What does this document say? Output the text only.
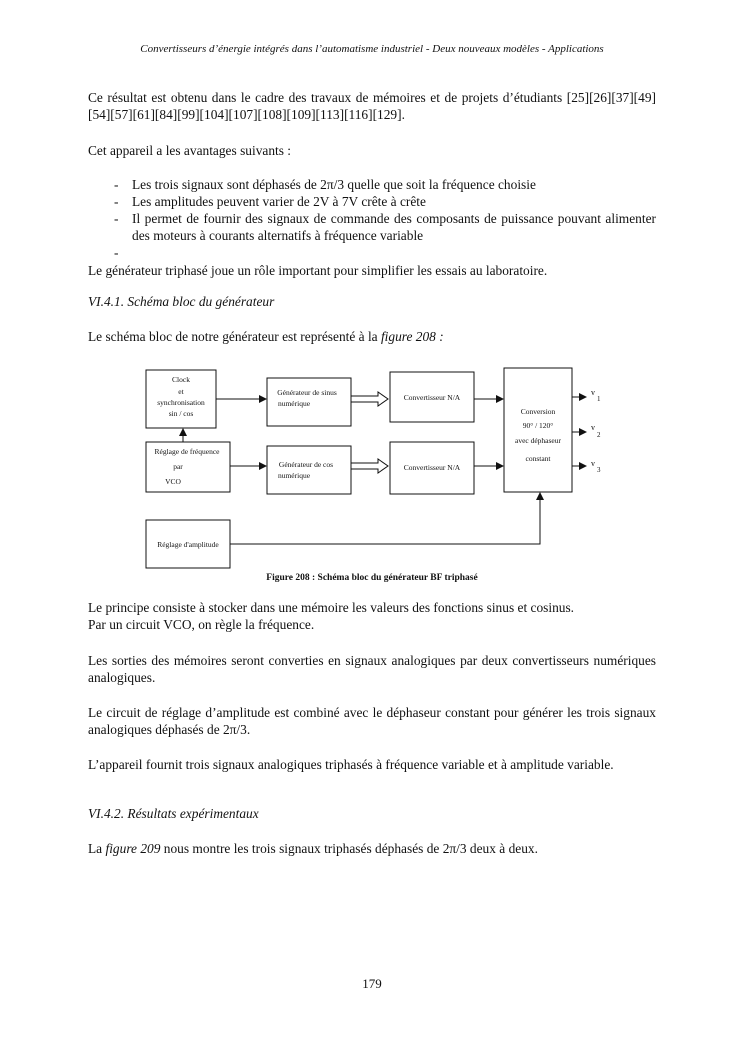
Convertisseurs d’énergie intégrés dans l’automatisme industriel - Deux nouveaux modèles - Applications

Ce résultat est obtenu dans le cadre des travaux de mémoires et de projets d’étudiants [25][26][37][49][54][57][61][84][99][104][107][108][109][113][116][129].

Cet appareil a les avantages suivants :

- Les trois signaux sont déphasés de 2π/3 quelle que soit la fréquence choisie
- Les amplitudes peuvent varier de 2V à 7V crête à crête
- Il permet de fournir des signaux de commande des composants de puissance pouvant alimenter des moteurs à courants alternatifs à fréquence variable
-

Le générateur triphasé joue un rôle important pour simplifier les essais au laboratoire.

VI.4.1. Schéma bloc du générateur

Le schéma bloc de notre générateur est représenté à la figure 208 :

Clock
et
synchronisation
sin / cos
Réglage de fréquence
par
VCO
Générateur de sinus
numérique
Générateur de cos
numérique
Convertisseur N/A
Convertisseur N/A
Conversion
90° / 120°
avec déphaseur
constant
Réglage d'amplitude
v
1
v
2
v
3
Figure 208 : Schéma bloc du générateur BF triphasé

Le principe consiste à stocker dans une mémoire les valeurs des fonctions sinus et cosinus.
Par un circuit VCO, on règle la fréquence.

Les sorties des mémoires seront converties en signaux analogiques par deux convertisseurs numériques analogiques.

Le circuit de réglage d’amplitude est combiné avec le déphaseur constant pour générer les trois signaux analogiques déphasés de 2π/3.

L’appareil fournit trois signaux analogiques triphasés à fréquence variable et à amplitude variable.

VI.4.2. Résultats expérimentaux

La figure 209 nous montre les trois signaux triphasés déphasés de 2π/3 deux à deux.

179
